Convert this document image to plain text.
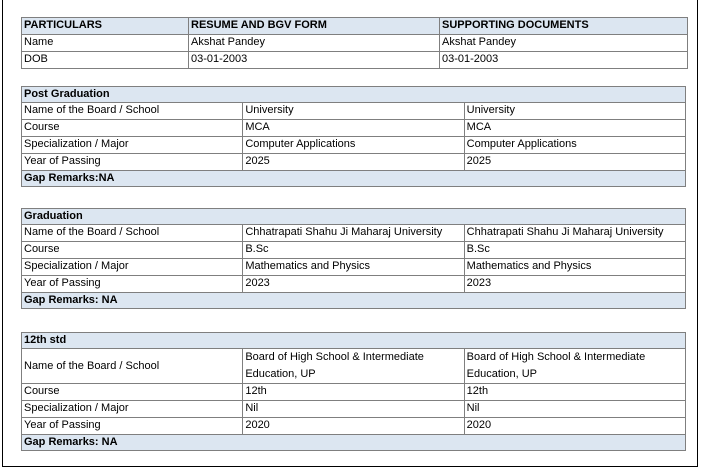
PARTICULARS	RESUME AND BGV FORM	SUPPORTING DOCUMENTS
Name	Akshat Pandey	Akshat Pandey
DOB	03-01-2003	03-01-2003
Post Graduation		
Name of the Board / School	University	University
Course	MCA	MCA
Specialization / Major	Computer Applications	Computer Applications
Year of Passing	2025	2025
Gap Remarks:NA		
Graduation		
Name of the Board / School	Chhatrapati Shahu Ji Maharaj University	Chhatrapati Shahu Ji Maharaj University
Course	B.Sc	B.Sc
Specialization / Major	Mathematics and Physics	Mathematics and Physics
Year of Passing	2023	2023
Gap Remarks: NA		
12th std		
Name of the Board / School	Board of High School & Intermediate Education, UP	Board of High School & Intermediate Education, UP
Course	12th	12th
Specialization / Major	Nil	Nil
Year of Passing	2020	2020
Gap Remarks: NA		
